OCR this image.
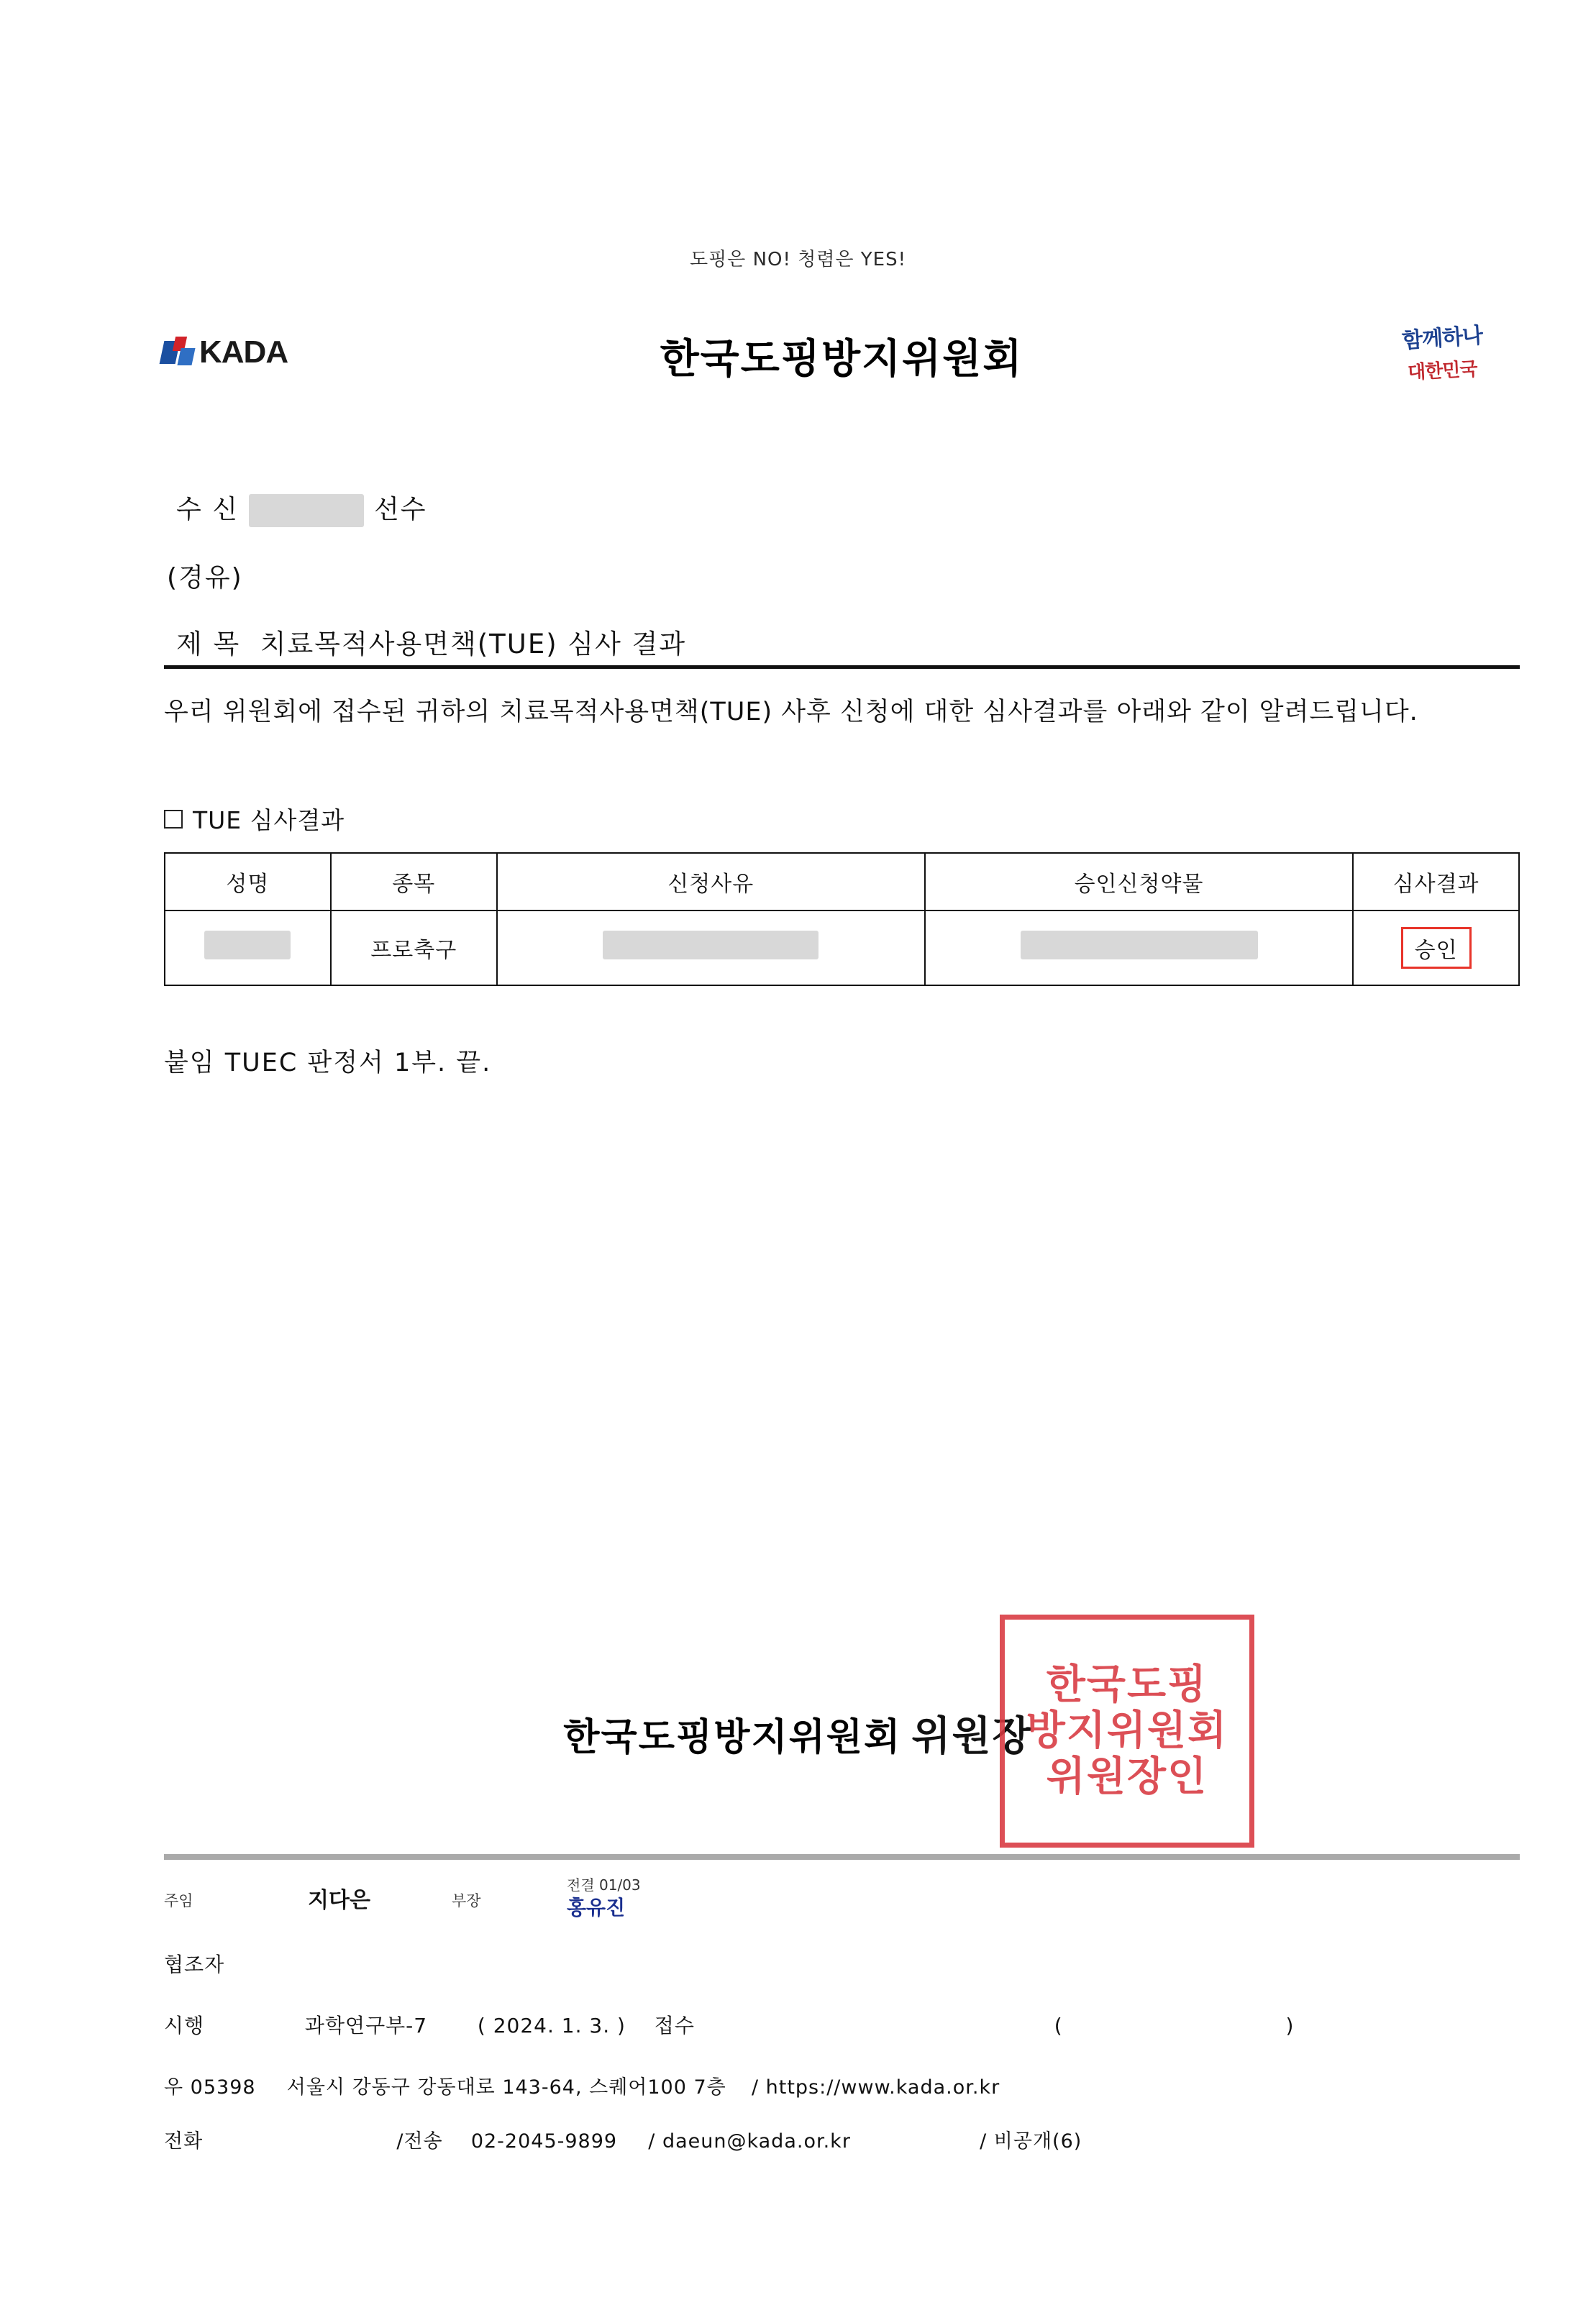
도핑은 NO! 청렴은 YES!
한국도핑방지위원회
KADA	함께하나
대한민국
수 신	선수
(경유)
제 목 치료목적사용면책(TUE) 심사 결과
우리 위원회에 접수된 귀하의 치료목적사용면책(TUE) 사후 신청에 대한 심사결과를 아래와 같이 알려드립니다.
TUE 심사결과
성명	종목	신청사유	승인신청약물	심사결과
	프로축구			승인
붙임 TUEC 판정서 1부. 끝.
한국도핑방지위원회 위원장
한국도핑
방지위원회
위원장인
주임	지다은	부장
전결 01/03
홍유진
협조자
시행	과학연구부-7 ( 2024. 1. 3. ) 접수	(	)
우 05398 서울시 강동구 강동대로 143-64, 스퀘어100 7층 / https://www.kada.or.kr
전화	/전송 02-2045-9899 / daeun@kada.or.kr	/ 비공개(6)
